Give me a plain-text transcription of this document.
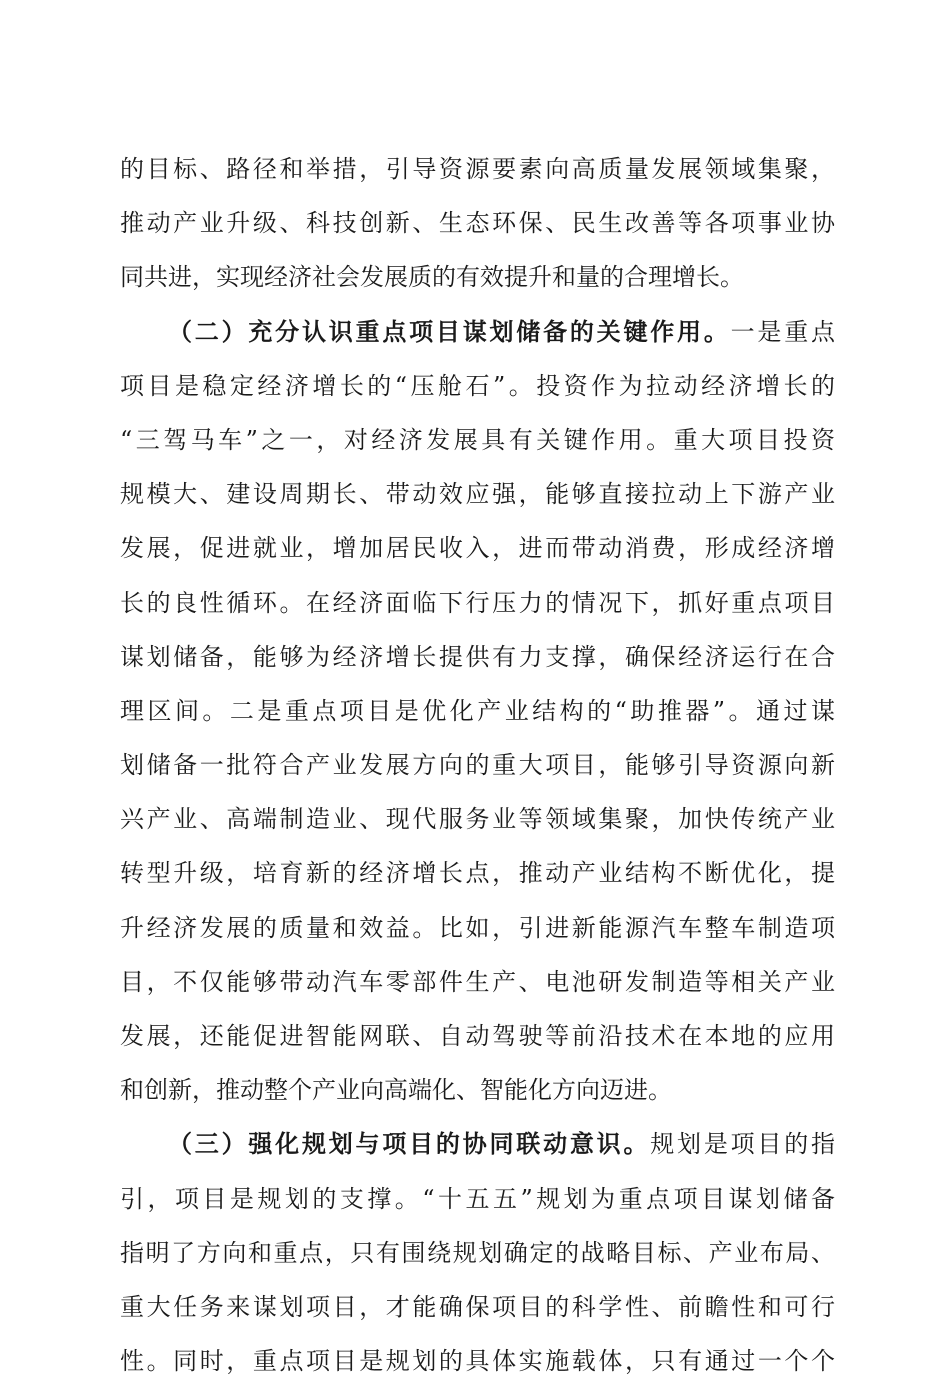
的目标、路径和举措，引导资源要素向高质量发展领域集聚，
推动产业升级、科技创新、生态环保、民生改善等各项事业协
同共进，实现经济社会发展质的有效提升和量的合理增长。
（二）充分认识重点项目谋划储备的关键作用。一是重点
项目是稳定经济增长的“压舱石”。投资作为拉动经济增长的
“三驾马车”之一，对经济发展具有关键作用。重大项目投资
规模大、建设周期长、带动效应强，能够直接拉动上下游产业
发展，促进就业，增加居民收入，进而带动消费，形成经济增
长的良性循环。在经济面临下行压力的情况下，抓好重点项目
谋划储备，能够为经济增长提供有力支撑，确保经济运行在合
理区间。二是重点项目是优化产业结构的“助推器”。通过谋
划储备一批符合产业发展方向的重大项目，能够引导资源向新
兴产业、高端制造业、现代服务业等领域集聚，加快传统产业
转型升级，培育新的经济增长点，推动产业结构不断优化，提
升经济发展的质量和效益。比如，引进新能源汽车整车制造项
目，不仅能够带动汽车零部件生产、电池研发制造等相关产业
发展，还能促进智能网联、自动驾驶等前沿技术在本地的应用
和创新，推动整个产业向高端化、智能化方向迈进。
（三）强化规划与项目的协同联动意识。规划是项目的指
引，项目是规划的支撑。“十五五”规划为重点项目谋划储备
指明了方向和重点，只有围绕规划确定的战略目标、产业布局、
重大任务来谋划项目，才能确保项目的科学性、前瞻性和可行
性。同时，重点项目是规划的具体实施载体，只有通过一个个
